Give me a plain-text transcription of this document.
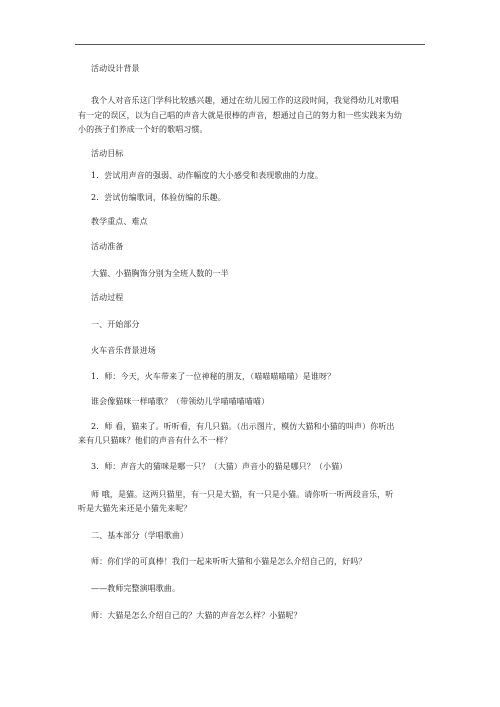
活动设计背景
我个人对音乐这门学科比较感兴趣，通过在幼儿园工作的这段时间，我觉得幼儿对歌唱
有一定的误区，以为自己唱的声音大就是很棒的声音，想通过自己的努力和一些实践来为幼
小的孩子们养成一个好的歌唱习惯。
活动目标
1．尝试用声音的强弱、动作幅度的大小感受和表现歌曲的力度。
2．尝试仿编歌词，体验仿编的乐趣。
教学重点、难点
活动准备
大猫、小猫胸饰分别为全班人数的一半
活动过程
一、开始部分
火车音乐背景进场
1．师：今天，火车带来了一位神秘的朋友，（喵喵喵喵喵）是谁呀？
谁会像猫咪一样喵歌？（带领幼儿学喵喵喵喵喵）
2．师 看，猫来了。听听看，有几只猫。（出示图片，模仿大猫和小猫的叫声）你听出
来有几只猫咪？他们的声音有什么不一样？
3．师：声音大的猫咪是哪一只？（大猫）声音小的猫是哪只？（小猫）
师 哦，是猫。这两只猫里，有一只是大猫，有一只是小猫。请你听一听两段音乐，听
听是大猫先来还是小猫先来呢？
二、基本部分（学唱歌曲）
师：你们学的可真棒！我们一起来听听大猫和小猫是怎么介绍自己的，好吗？
——教师完整演唱歌曲。
师：大猫是怎么介绍自己的？大猫的声音怎么样？小猫呢？
